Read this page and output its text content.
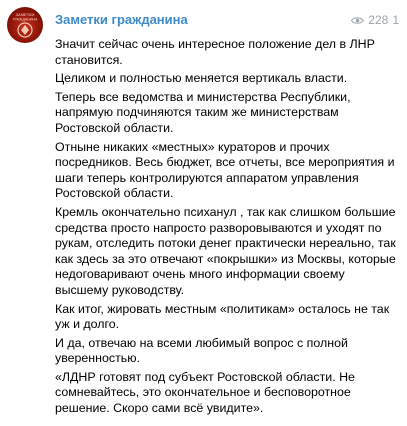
ЗАМЕТКИ
ГРАЖДАНИНА Заметки гражданина	228 1

Значит сейчас очень интересное положение дел в ЛНР становится.

Целиком и полностью меняется вертикаль власти.

Теперь все ведомства и министерства Республики, напрямую подчиняются таким же министерствам Ростовской области.

Отныне никаких «местных» кураторов и прочих посредников. Весь бюджет, все отчеты, все мероприятия и шаги теперь контролируются аппаратом управления Ростовской области.

Кремль окончательно психанул , так как слишком большие средства просто напросто разворовываются и уходят по рукам, отследить потоки денег практически нереально, так как здесь за это отвечают «покрышки» из Москвы, которые недоговаривают очень много информации своему высшему руководству.

Как итог, жировать местным «политикам» осталось не так уж и долго.

И да, отвечаю на всеми любимый вопрос с полной уверенностью.

«ЛДНР готовят под субъект Ростовской области. Не сомневайтесь, это окончательное и бесповоротное решение. Скоро сами всё увидите».
